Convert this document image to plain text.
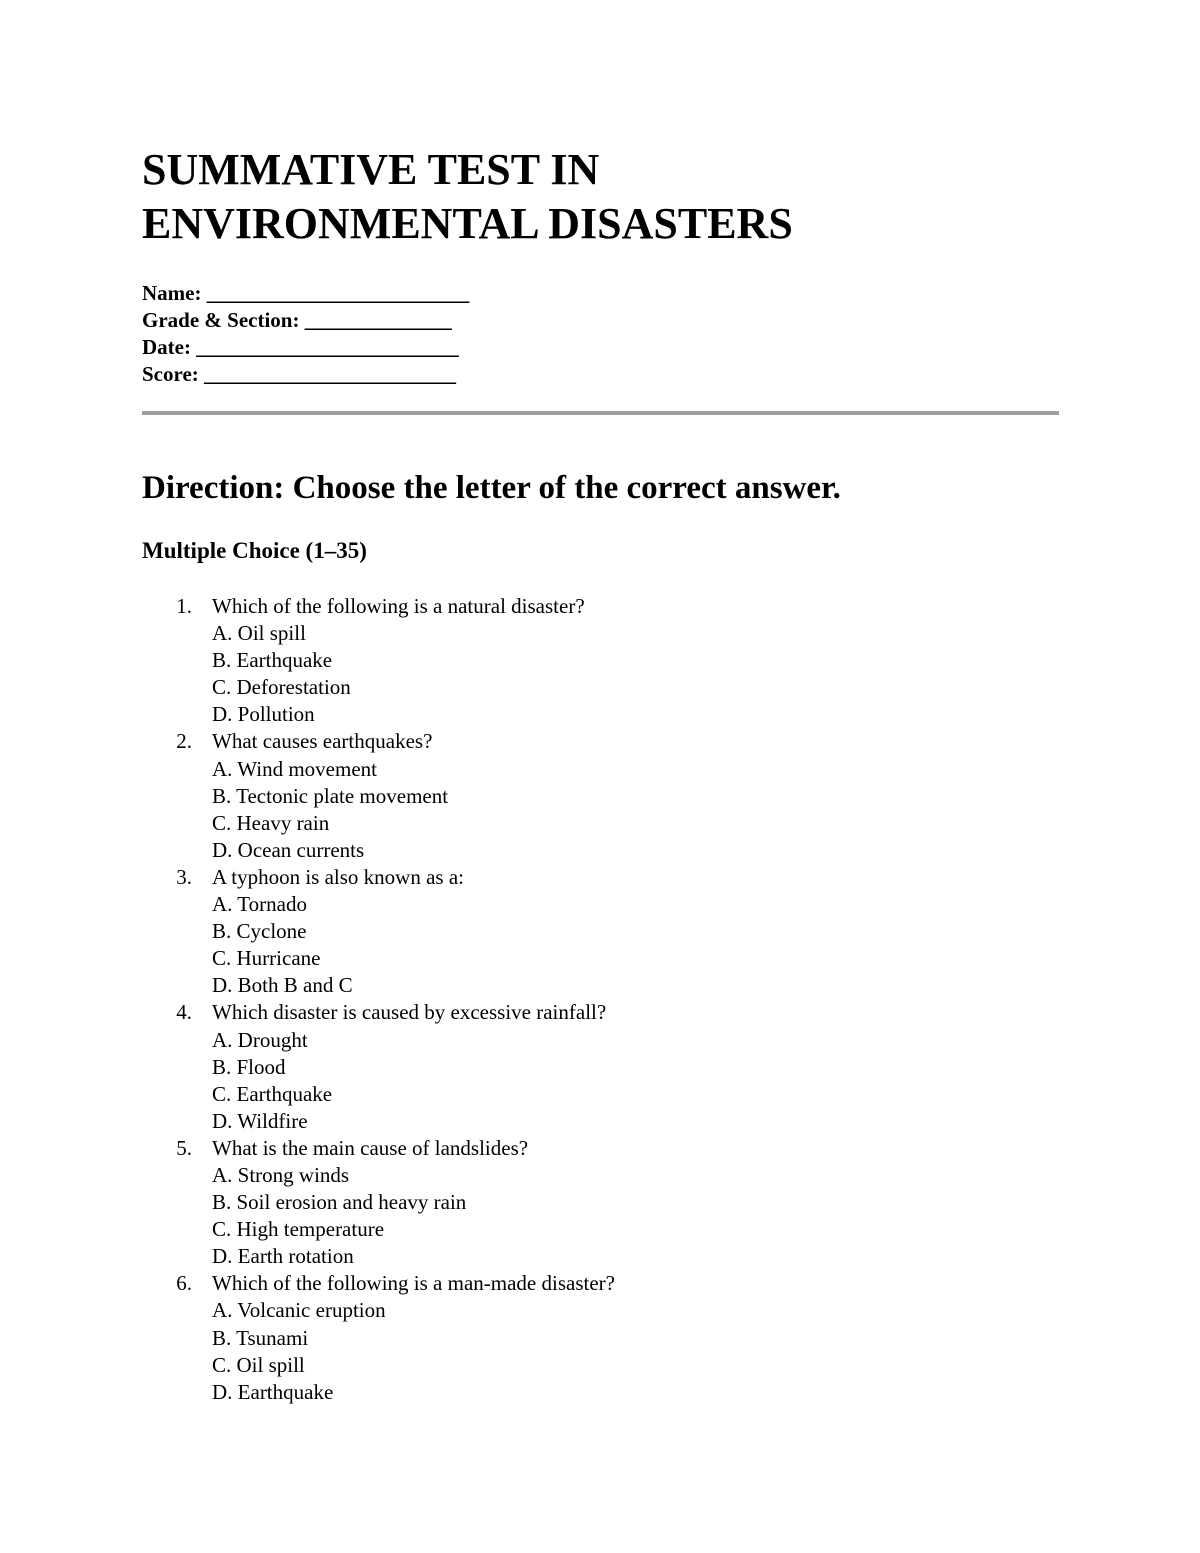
SUMMATIVE TEST IN
ENVIRONMENTAL DISASTERS
Name: _________________________
Grade & Section: ______________
Date: _________________________
Score: ________________________
Direction: Choose the letter of the correct answer.
Multiple Choice (1–35)
1. Which of the following is a natural disaster?
A. Oil spill
B. Earthquake
C. Deforestation
D. Pollution
2. What causes earthquakes?
A. Wind movement
B. Tectonic plate movement
C. Heavy rain
D. Ocean currents
3. A typhoon is also known as a:
A. Tornado
B. Cyclone
C. Hurricane
D. Both B and C
4. Which disaster is caused by excessive rainfall?
A. Drought
B. Flood
C. Earthquake
D. Wildfire
5. What is the main cause of landslides?
A. Strong winds
B. Soil erosion and heavy rain
C. High temperature
D. Earth rotation
6. Which of the following is a man-made disaster?
A. Volcanic eruption
B. Tsunami
C. Oil spill
D. Earthquake
